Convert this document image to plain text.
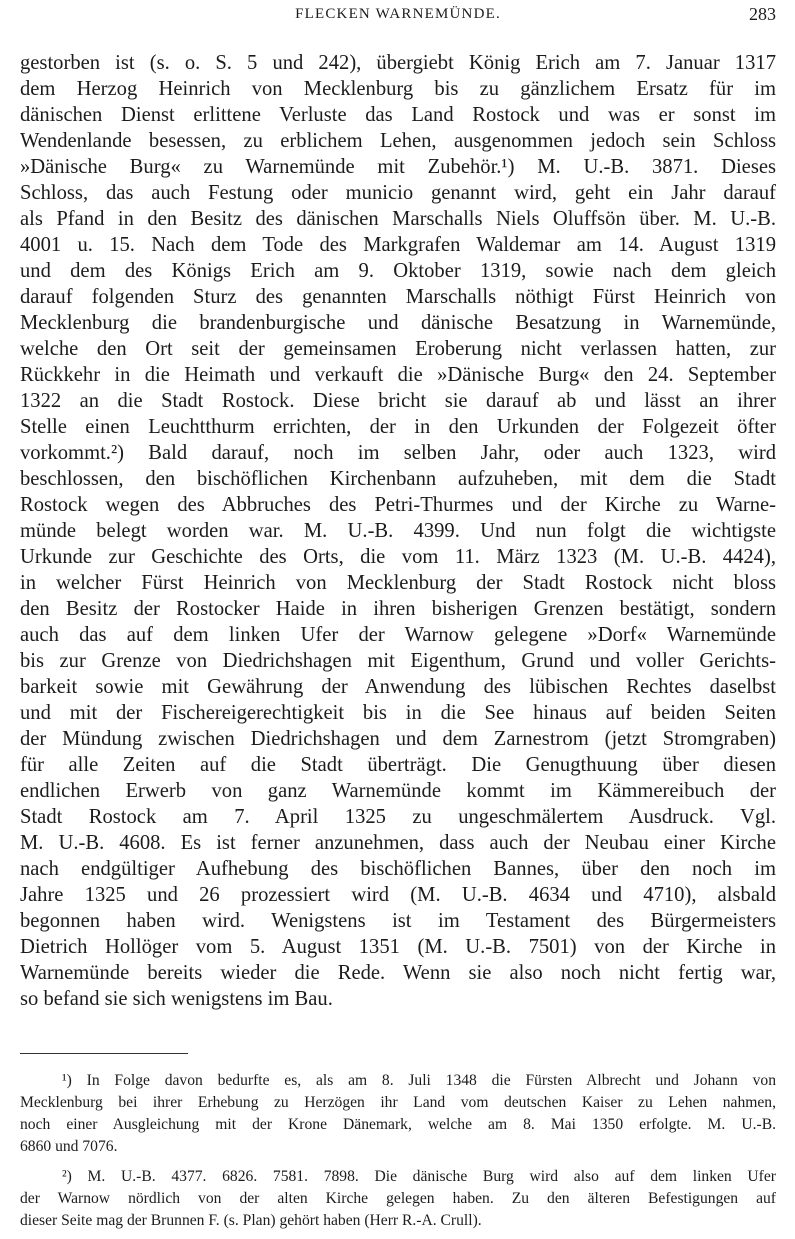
FLECKEN WARNEMÜNDE.	283
gestorben ist (s. o. S. 5 und 242), übergiebt König Erich am 7. Januar 1317
dem Herzog Heinrich von Mecklenburg bis zu gänzlichem Ersatz für im
dänischen Dienst erlittene Verluste das Land Rostock und was er sonst im
Wendenlande besessen, zu erblichem Lehen, ausgenommen jedoch sein Schloss
»Dänische Burg« zu Warnemünde mit Zubehör.¹) M. U.-B. 3871. Dieses
Schloss, das auch Festung oder municio genannt wird, geht ein Jahr darauf
als Pfand in den Besitz des dänischen Marschalls Niels Oluffsön über. M. U.-B.
4001 u. 15. Nach dem Tode des Markgrafen Waldemar am 14. August 1319
und dem des Königs Erich am 9. Oktober 1319, sowie nach dem gleich
darauf folgenden Sturz des genannten Marschalls nöthigt Fürst Heinrich von
Mecklenburg die brandenburgische und dänische Besatzung in Warnemünde,
welche den Ort seit der gemeinsamen Eroberung nicht verlassen hatten, zur
Rückkehr in die Heimath und verkauft die »Dänische Burg« den 24. September
1322 an die Stadt Rostock. Diese bricht sie darauf ab und lässt an ihrer
Stelle einen Leuchtthurm errichten, der in den Urkunden der Folgezeit öfter
vorkommt.²) Bald darauf, noch im selben Jahr, oder auch 1323, wird
beschlossen, den bischöflichen Kirchenbann aufzuheben, mit dem die Stadt
Rostock wegen des Abbruches des Petri-Thurmes und der Kirche zu Warne-
münde belegt worden war. M. U.-B. 4399. Und nun folgt die wichtigste
Urkunde zur Geschichte des Orts, die vom 11. März 1323 (M. U.-B. 4424),
in welcher Fürst Heinrich von Mecklenburg der Stadt Rostock nicht bloss
den Besitz der Rostocker Haide in ihren bisherigen Grenzen bestätigt, sondern
auch das auf dem linken Ufer der Warnow gelegene »Dorf« Warnemünde
bis zur Grenze von Diedrichshagen mit Eigenthum, Grund und voller Gerichts-
barkeit sowie mit Gewährung der Anwendung des lübischen Rechtes daselbst
und mit der Fischereigerechtigkeit bis in die See hinaus auf beiden Seiten
der Mündung zwischen Diedrichshagen und dem Zarnestrom (jetzt Stromgraben)
für alle Zeiten auf die Stadt überträgt. Die Genugthuung über diesen
endlichen Erwerb von ganz Warnemünde kommt im Kämmereibuch der
Stadt Rostock am 7. April 1325 zu ungeschmälertem Ausdruck. Vgl.
M. U.-B. 4608. Es ist ferner anzunehmen, dass auch der Neubau einer Kirche
nach endgültiger Aufhebung des bischöflichen Bannes, über den noch im
Jahre 1325 und 26 prozessiert wird (M. U.-B. 4634 und 4710), alsbald
begonnen haben wird. Wenigstens ist im Testament des Bürgermeisters
Dietrich Hollöger vom 5. August 1351 (M. U.-B. 7501) von der Kirche in
Warnemünde bereits wieder die Rede. Wenn sie also noch nicht fertig war,
so befand sie sich wenigstens im Bau.
¹) In Folge davon bedurfte es, als am 8. Juli 1348 die Fürsten Albrecht und Johann von
Mecklenburg bei ihrer Erhebung zu Herzögen ihr Land vom deutschen Kaiser zu Lehen nahmen,
noch einer Ausgleichung mit der Krone Dänemark, welche am 8. Mai 1350 erfolgte. M. U.-B.
6860 und 7076.
²) M. U.-B. 4377. 6826. 7581. 7898. Die dänische Burg wird also auf dem linken Ufer
der Warnow nördlich von der alten Kirche gelegen haben. Zu den älteren Befestigungen auf
dieser Seite mag der Brunnen F. (s. Plan) gehört haben (Herr R.-A. Crull).
